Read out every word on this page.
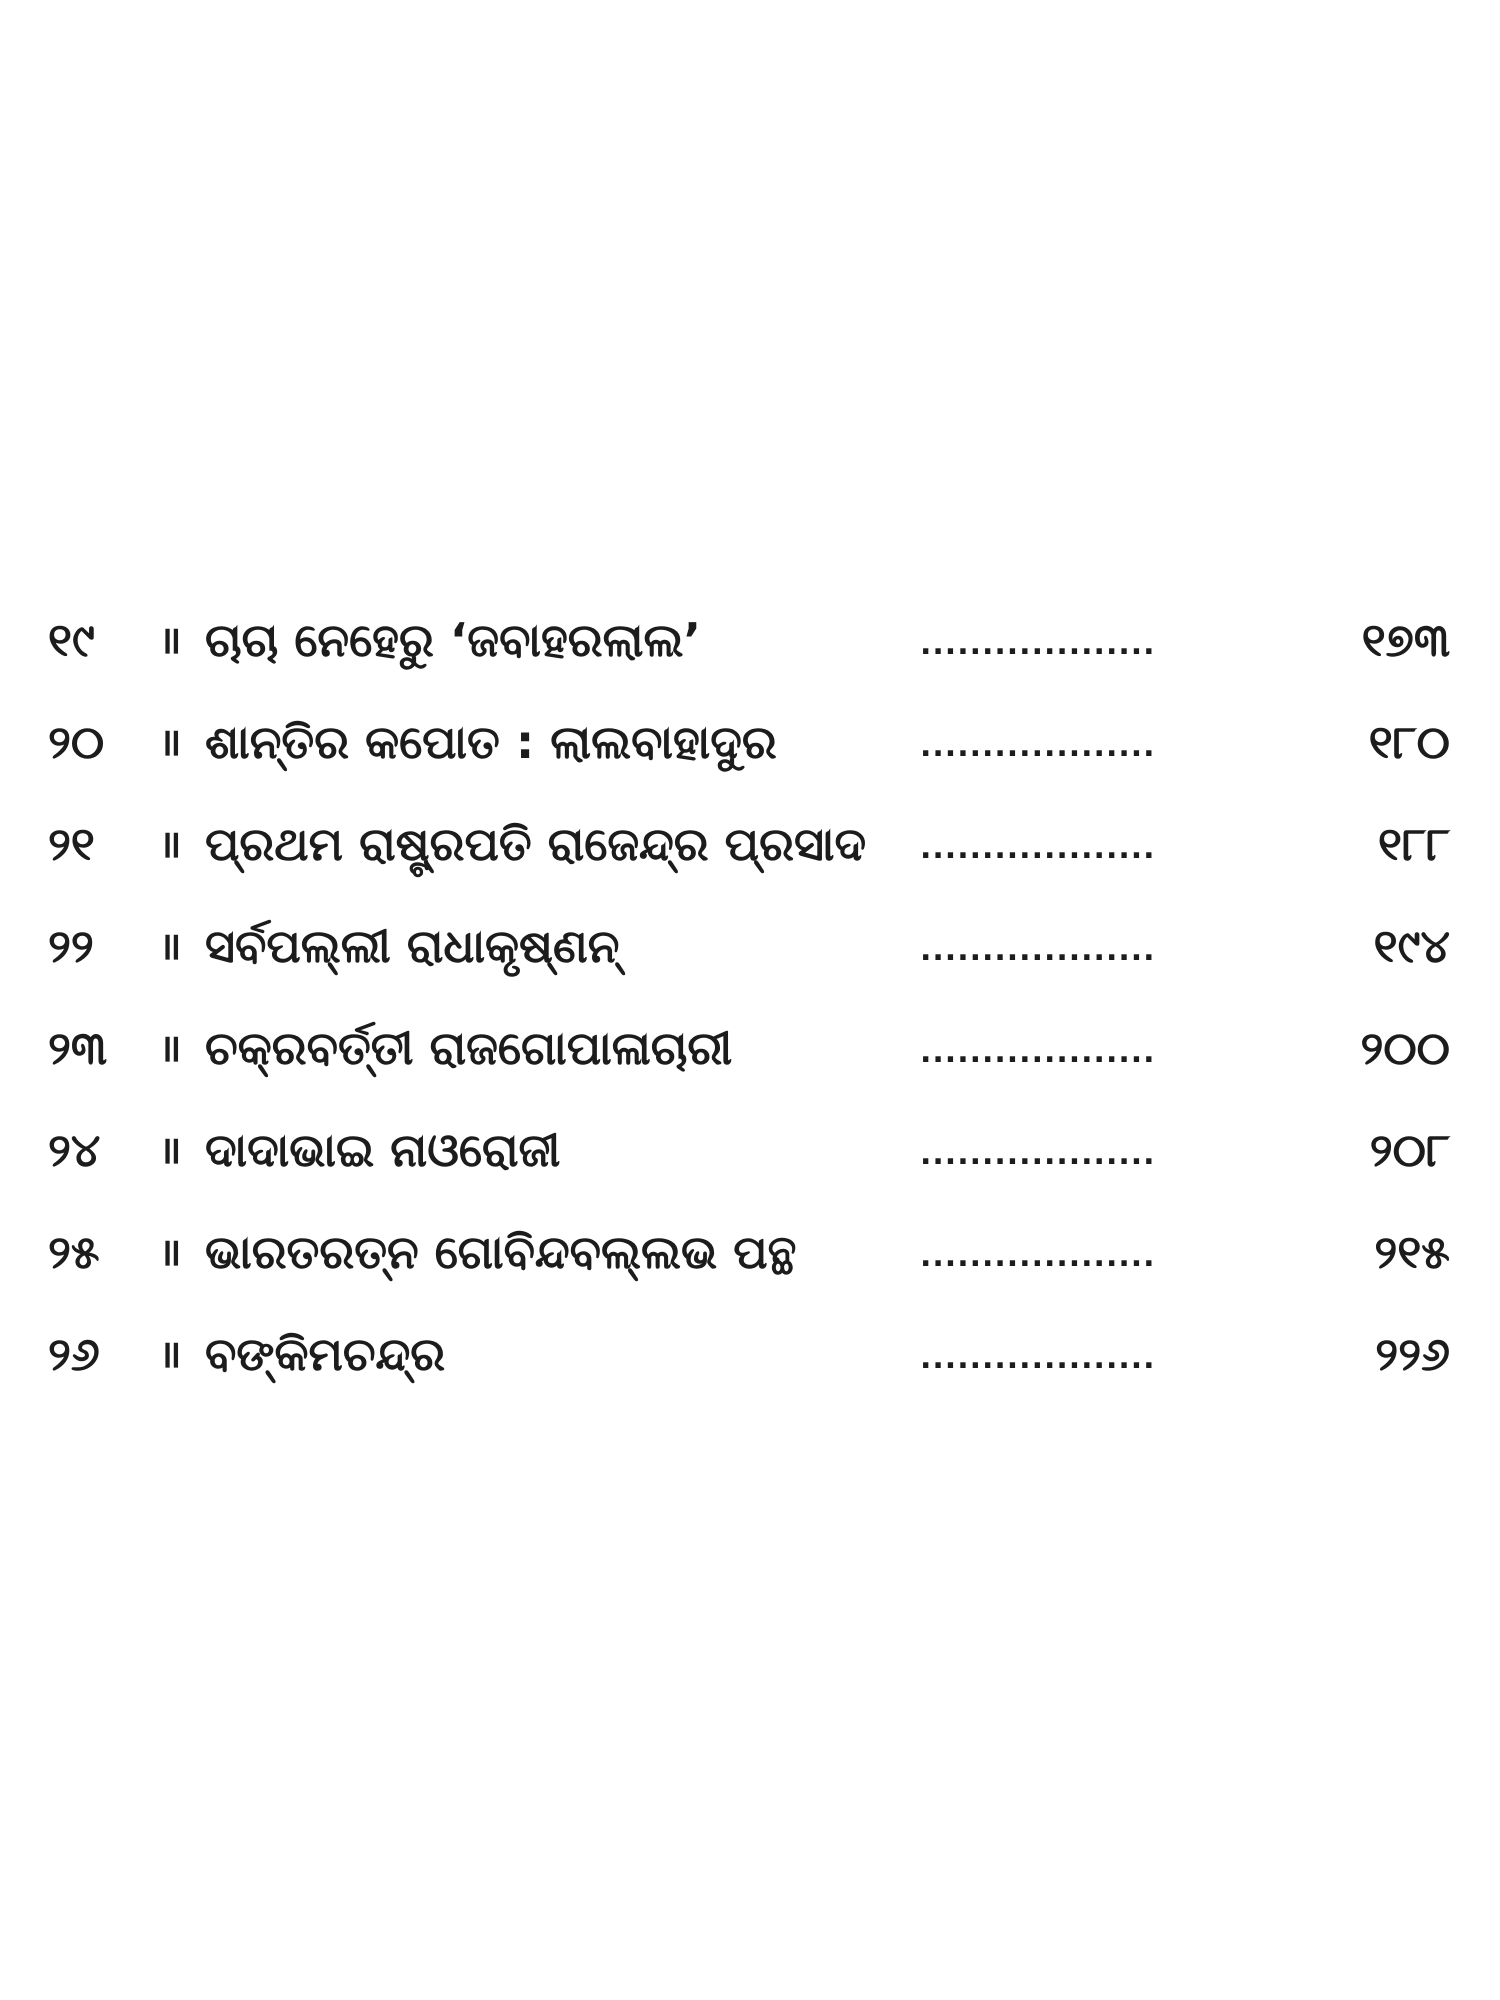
୧୯	॥ ଚାଚା ନେହେରୁ ‘ଜବାହରଲାଲ’	...................	୧୭୩
୨୦	॥ ଶାନ୍ତିର କପୋତ : ଲାଲବାହାଦୁର	...................	୧୮୦
୨୧	॥ ପ୍ରଥମ ରାଷ୍ଟ୍ରପତି ରାଜେନ୍ଦ୍ର ପ୍ରସାଦ	...................	୧୮୮
୨୨	॥ ସର୍ବପଲ୍ଲୀ ରାଧାକୃଷ୍ଣନ୍	...................	୧୯୪
୨୩	॥ ଚକ୍ରବର୍ତ୍ତୀ ରାଜଗୋପାଳାଚାରୀ	...................	୨୦୦
୨୪	॥ ଦାଦାଭାଇ ନାଓରୋଜୀ	...................	୨୦୮
୨୫	॥ ଭାରତରତ୍ନ ଗୋବିନ୍ଦବଲ୍ଲଭ ପନ୍ଥ	...................	୨୧୫
୨୬	॥ ବଙ୍କିମଚନ୍ଦ୍ର	...................	୨୨୬
